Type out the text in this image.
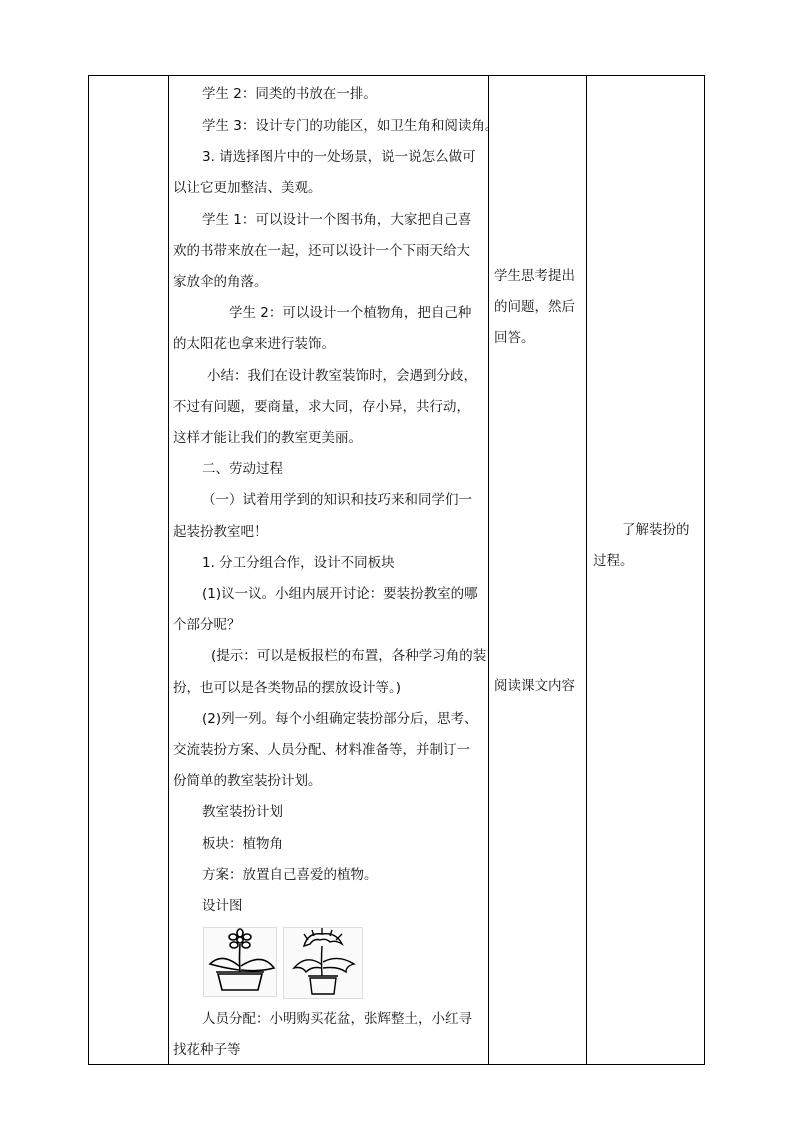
学生 2：同类的书放在一排。
学生 3：设计专门的功能区，如卫生角和阅读角。
3. 请选择图片中的一处场景，说一说怎么做可
以让它更加整洁、美观。
学生 1：可以设计一个图书角，大家把自己喜
欢的书带来放在一起，还可以设计一个下雨天给大
家放伞的角落。
学生 2：可以设计一个植物角，把自己种
的太阳花也拿来进行装饰。
小结：我们在设计教室装饰时，会遇到分歧，
不过有问题，要商量，求大同，存小异，共行动，
这样才能让我们的教室更美丽。
二、劳动过程
（一）试着用学到的知识和技巧来和同学们一
起装扮教室吧！
1. 分工分组合作，设计不同板块
(1)议一议。小组内展开讨论：要装扮教室的哪
个部分呢？
(提示：可以是板报栏的布置，各种学习角的装
扮，也可以是各类物品的摆放设计等。)
(2)列一列。每个小组确定装扮部分后，思考、
交流装扮方案、人员分配、材料准备等，并制订一
份简单的教室装扮计划。
教室装扮计划
板块：植物角
方案：放置自己喜爱的植物。
设计图
人员分配：小明购买花盆，张辉整土，小红寻
找花种子等

学生思考提出
的问题，然后
回答。
阅读课文内容

了解装扮的
过程。
